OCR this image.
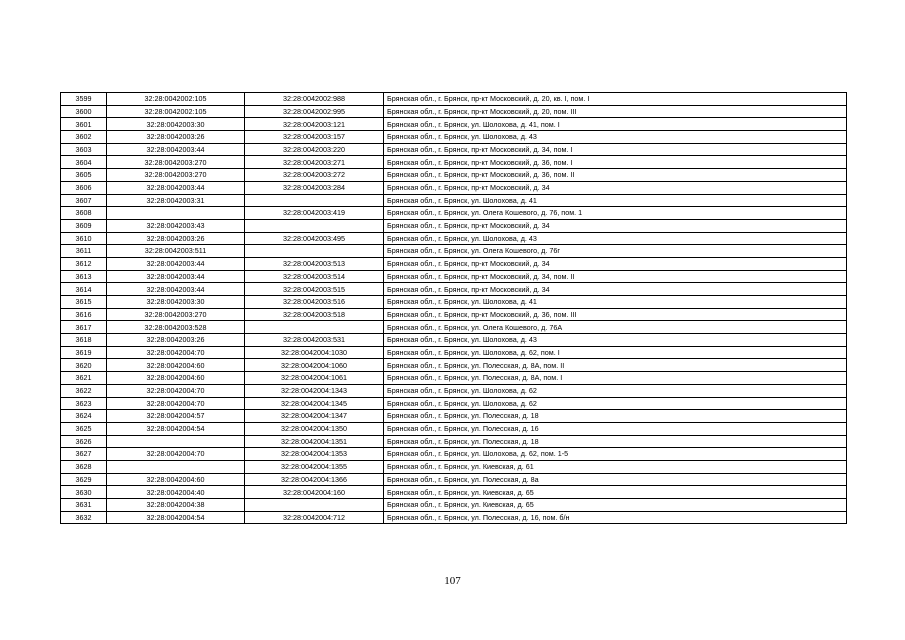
3599	32:28:0042002:105	32:28:0042002:988	Брянская обл., г. Брянск, пр-кт Московский, д. 20, кв. I, пом. I
3600	32:28:0042002:105	32:28:0042002:995	Брянская обл., г. Брянск, пр-кт Московский, д. 20, пом. III
3601	32:28:0042003:30	32:28:0042003:121	Брянская обл., г. Брянск, ул. Шолохова, д. 41, пом. I
3602	32:28:0042003:26	32:28:0042003:157	Брянская обл., г. Брянск, ул. Шолохова, д. 43
3603	32:28:0042003:44	32:28:0042003:220	Брянская обл., г. Брянск, пр-кт Московский, д. 34, пом. I
3604	32:28:0042003:270	32:28:0042003:271	Брянская обл., г. Брянск, пр-кт Московский, д. 36, пом. I
3605	32:28:0042003:270	32:28:0042003:272	Брянская обл., г. Брянск, пр-кт Московский, д. 36, пом. II
3606	32:28:0042003:44	32:28:0042003:284	Брянская обл., г. Брянск, пр-кт Московский, д. 34
3607	32:28:0042003:31		Брянская обл., г. Брянск, ул. Шолохова, д. 41
3608		32:28:0042003:419	Брянская обл., г. Брянск, ул. Олега Кошевого, д. 76, пом. 1
3609	32:28:0042003:43		Брянская обл., г. Брянск, пр-кт Московский, д. 34
3610	32:28:0042003:26	32:28:0042003:495	Брянская обл., г. Брянск, ул. Шолохова, д. 43
3611	32:28:0042003:511		Брянская обл., г. Брянск, ул. Олега Кошевого, д. 76г
3612	32:28:0042003:44	32:28:0042003:513	Брянская обл., г. Брянск, пр-кт Московский, д. 34
3613	32:28:0042003:44	32:28:0042003:514	Брянская обл., г. Брянск, пр-кт Московский, д. 34, пом. II
3614	32:28:0042003:44	32:28:0042003:515	Брянская обл., г. Брянск, пр-кт Московский, д. 34
3615	32:28:0042003:30	32:28:0042003:516	Брянская обл., г. Брянск, ул. Шолохова, д. 41
3616	32:28:0042003:270	32:28:0042003:518	Брянская обл., г. Брянск, пр-кт Московский, д. 36, пом. III
3617	32:28:0042003:528		Брянская обл., г. Брянск, ул. Олега Кошевого, д. 76А
3618	32:28:0042003:26	32:28:0042003:531	Брянская обл., г. Брянск, ул. Шолохова, д. 43
3619	32:28:0042004:70	32:28:0042004:1030	Брянская обл., г. Брянск, ул. Шолохова, д. 62, пом. I
3620	32:28:0042004:60	32:28:0042004:1060	Брянская обл., г. Брянск, ул. Полесская, д. 8А, пом. II
3621	32:28:0042004:60	32:28:0042004:1061	Брянская обл., г. Брянск, ул. Полесская, д. 8А, пом. I
3622	32:28:0042004:70	32:28:0042004:1343	Брянская обл., г. Брянск, ул. Шолохова, д. 62
3623	32:28:0042004:70	32:28:0042004:1345	Брянская обл., г. Брянск, ул. Шолохова, д. 62
3624	32:28:0042004:57	32:28:0042004:1347	Брянская обл., г. Брянск, ул. Полесская, д. 18
3625	32:28:0042004:54	32:28:0042004:1350	Брянская обл., г. Брянск, ул. Полесская, д. 16
3626		32:28:0042004:1351	Брянская обл., г. Брянск, ул. Полесская, д. 18
3627	32:28:0042004:70	32:28:0042004:1353	Брянская обл., г. Брянск, ул. Шолохова, д. 62, пом. 1-5
3628		32:28:0042004:1355	Брянская обл., г. Брянск, ул. Киевская, д. 61
3629	32:28:0042004:60	32:28:0042004:1366	Брянская обл., г. Брянск, ул. Полесская, д. 8а
3630	32:28:0042004:40	32:28:0042004:160	Брянская обл., г. Брянск, ул. Киевская, д. 65
3631	32:28:0042004:38		Брянская обл., г. Брянск, ул. Киевская, д. 65
3632	32:28:0042004:54	32:28:0042004:712	Брянская обл., г. Брянск, ул. Полесская, д. 16, пом. б/н
107
